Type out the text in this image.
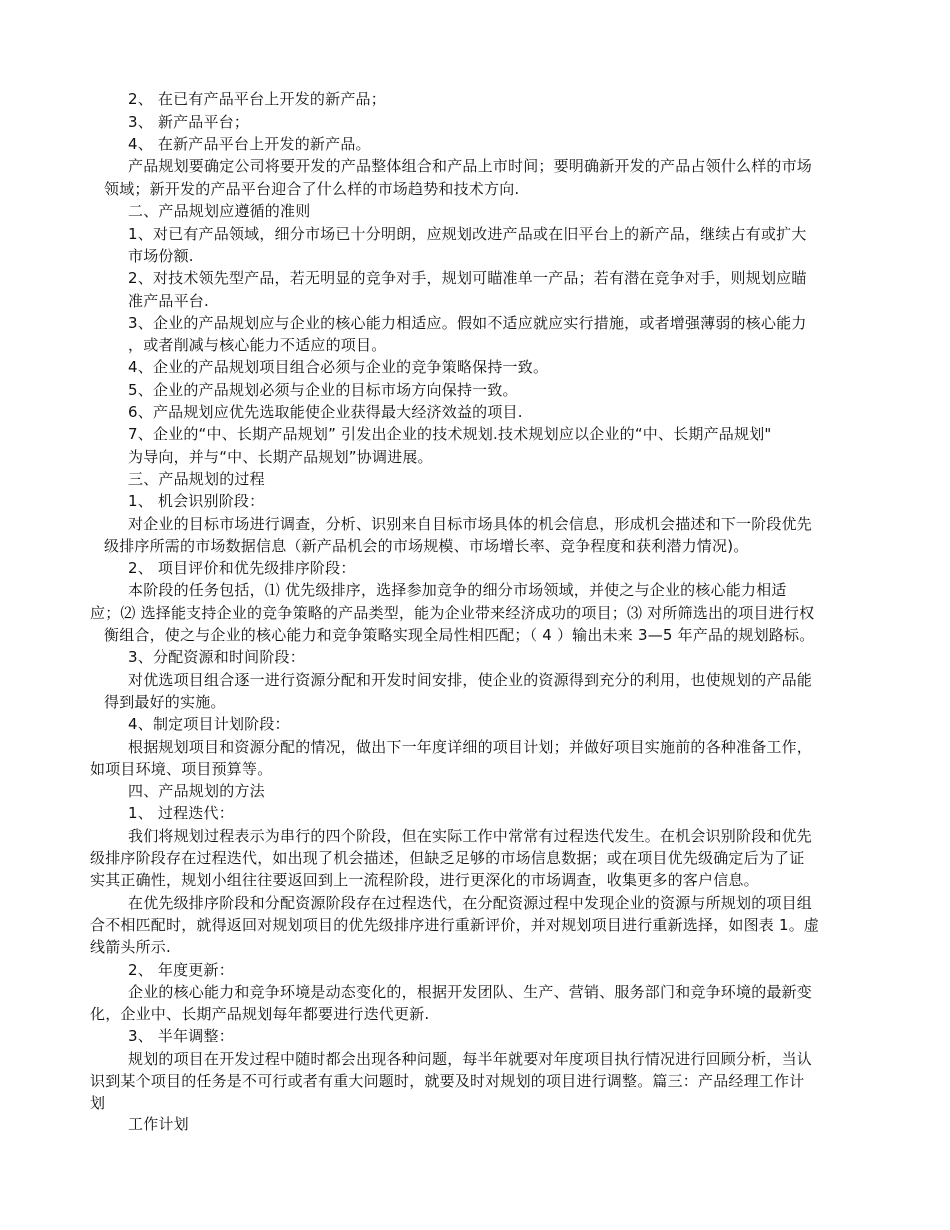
2、 在已有产品平台上开发的新产品；

3、 新产品平台；

4、 在新产品平台上开发的新产品。

产品规划要确定公司将要开发的产品整体组合和产品上市时间；要明确新开发的产品占领什么样的市场

领域；新开发的产品平台迎合了什么样的市场趋势和技术方向.

二、产品规划应遵循的准则

1、对已有产品领域，细分市场已十分明朗，应规划改进产品或在旧平台上的新产品，继续占有或扩大

市场份额.

2、对技术领先型产品，若无明显的竞争对手，规划可瞄准单一产品；若有潜在竞争对手，则规划应瞄

准产品平台.

3、企业的产品规划应与企业的核心能力相适应。假如不适应就应实行措施，或者增强薄弱的核心能力

，或者削减与核心能力不适应的项目。

4、企业的产品规划项目组合必须与企业的竞争策略保持一致。

5、企业的产品规划必须与企业的目标市场方向保持一致。

6、产品规划应优先选取能使企业获得最大经济效益的项目.

7、企业的“中、长期产品规划” 引发出企业的技术规划.技术规划应以企业的“中、长期产品规划"

为导向，并与“中、长期产品规划”协调进展。

三、产品规划的过程

1、 机会识别阶段：

对企业的目标市场进行调查，分析、识别来自目标市场具体的机会信息，形成机会描述和下一阶段优先

级排序所需的市场数据信息（新产品机会的市场规模、市场增长率、竞争程度和获利潜力情况)。

2、 项目评价和优先级排序阶段：

本阶段的任务包括，⑴ 优先级排序，选择参加竞争的细分市场领域，并使之与企业的核心能力相适

应；⑵ 选择能支持企业的竞争策略的产品类型，能为企业带来经济成功的项目；⑶ 对所筛选出的项目进行权

衡组合，使之与企业的核心能力和竞争策略实现全局性相匹配；（ 4 ）输出未来 3—5 年产品的规划路标。

3、分配资源和时间阶段：

对优选项目组合逐一进行资源分配和开发时间安排，使企业的资源得到充分的利用，也使规划的产品能

得到最好的实施。

4、制定项目计划阶段：

根据规划项目和资源分配的情况，做出下一年度详细的项目计划；并做好项目实施前的各种准备工作，

如项目环境、项目预算等。

四、产品规划的方法

1、 过程迭代：

我们将规划过程表示为串行的四个阶段，但在实际工作中常常有过程迭代发生。在机会识别阶段和优先

级排序阶段存在过程迭代，如出现了机会描述，但缺乏足够的市场信息数据；或在项目优先级确定后为了证

实其正确性，规划小组往往要返回到上一流程阶段，进行更深化的市场调查，收集更多的客户信息。

在优先级排序阶段和分配资源阶段存在过程迭代，在分配资源过程中发现企业的资源与所规划的项目组

合不相匹配时，就得返回对规划项目的优先级排序进行重新评价，并对规划项目进行重新选择，如图表 1。虚

线箭头所示.

2、 年度更新：

企业的核心能力和竞争环境是动态变化的，根据开发团队、生产、营销、服务部门和竞争环境的最新变

化，企业中、长期产品规划每年都要进行迭代更新.

3、 半年调整：

规划的项目在开发过程中随时都会出现各种问题，每半年就要对年度项目执行情况进行回顾分析，当认

识到某个项目的任务是不可行或者有重大问题时，就要及时对规划的项目进行调整。篇三：产品经理工作计

划

工作计划
